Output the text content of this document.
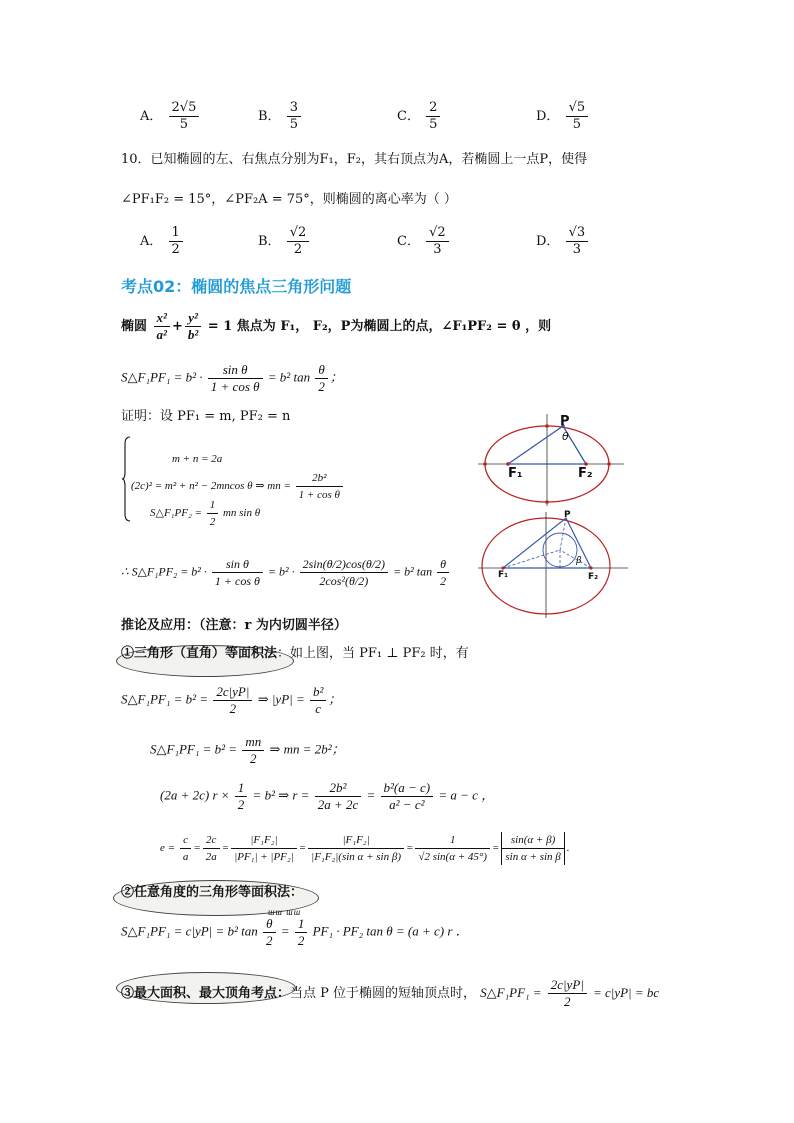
A． $\frac{2√5}{5}$	B． $\frac{3}{5}$	C． $\frac{2}{5}$	D． $\frac{√5}{5}$
10．已知椭圆的左、右焦点分别为F₁，F₂，其右顶点为A，若椭圆上一点P，使得
∠PF₁F₂ = 15°，∠PF₂A = 75°，则椭圆的离心率为（ ）
A． $\frac{1}{2}$	B． $\frac{√2}{2}$	C． $\frac{√2}{3}$	D． $\frac{√3}{3}$
考点02：椭圆的焦点三角形问题
椭圆 $\frac{\text{x²}}{\text{a²}} + \frac{\text{y²}}{\text{b²}} = 1$ 焦点为 F₁， F₂，P为椭圆上的点，∠F₁PF₂ = θ ，则
S△F₁PF₁ = $b^2 \cdot \frac{\text{sin θ}}{\text{1 + cos θ}} = b^2$ $\tan \frac{\theta}{2}$ ；
证明：设 PF₁ = m, PF₂ = n
m + n = 2a
(2c)² = m² + n² − 2mncos θ ⇒ mn = $\frac{\text{2b²}}{\text{1 + cos θ}}$
S△F₁PF₂ = $\frac{1}{2}$ mn sin θ
∴ S△F₁PF₂ = $b^2 \cdot \frac{\text{sin θ}}{\text{1 + cos θ}} = b^2 \cdot \frac{2\sin(\theta/2)\cos(\theta/2)}{\text{2cos²(θ/2)}} = b^2$ $\tan \frac{\theta}{2}$
P
θ
F₁	F₂
P
β
F₁	F₂
推论及应用：（注意：r 为内切圆半径）
①三角形（直角）等面积法：如上图，当 PF₁ ⊥ PF₂ 时，有
S△F₁PF₁ = $b^2 = \frac{2c|yP|}{2}$ ⇒ $|yP| = \frac{\text{b²}}{c}$ ；
S△F₁PF₁ = $b^2 = \frac{mn}{2}$ ⇒ mn = 2b²；
(2a + 2c) $r \times \frac{1}{2} = b^2$ ⇒ $r = \frac{\text{2b²}}{2a + 2c} = \frac{\text{b²(a − c)}}{\text{a² − c²}} = a - c$ ，
$e = \frac{c}{a} = \frac{2c}{2a} = \frac{\text{|F₁F₂|}}{\text{|PF₁| + |PF₂|}} = \frac{\text{|F₁F₂|}}{\text{|F₁F₂|(sin α + sin β)}} = \frac{1}{√2 \sin(\alpha + 45^\circ)} = \frac{\sin(\alpha + \beta)}{\text{sin α + sin β}}$ .
②任意角度的三角形等面积法：
ɯɯ ɯɯ
S△F₁PF₁ = c|yP| = b² $\tan \frac{\theta}{2} = \frac{1}{2} PF_1 \cdot PF_2$ tan θ = (a + c) r ．
③最大面积、最大顶角考点：当点 P 位于椭圆的短轴顶点时， S△F₁PF₁ = $\frac{2c|yP|}{2} = c|yP|$ = bc
